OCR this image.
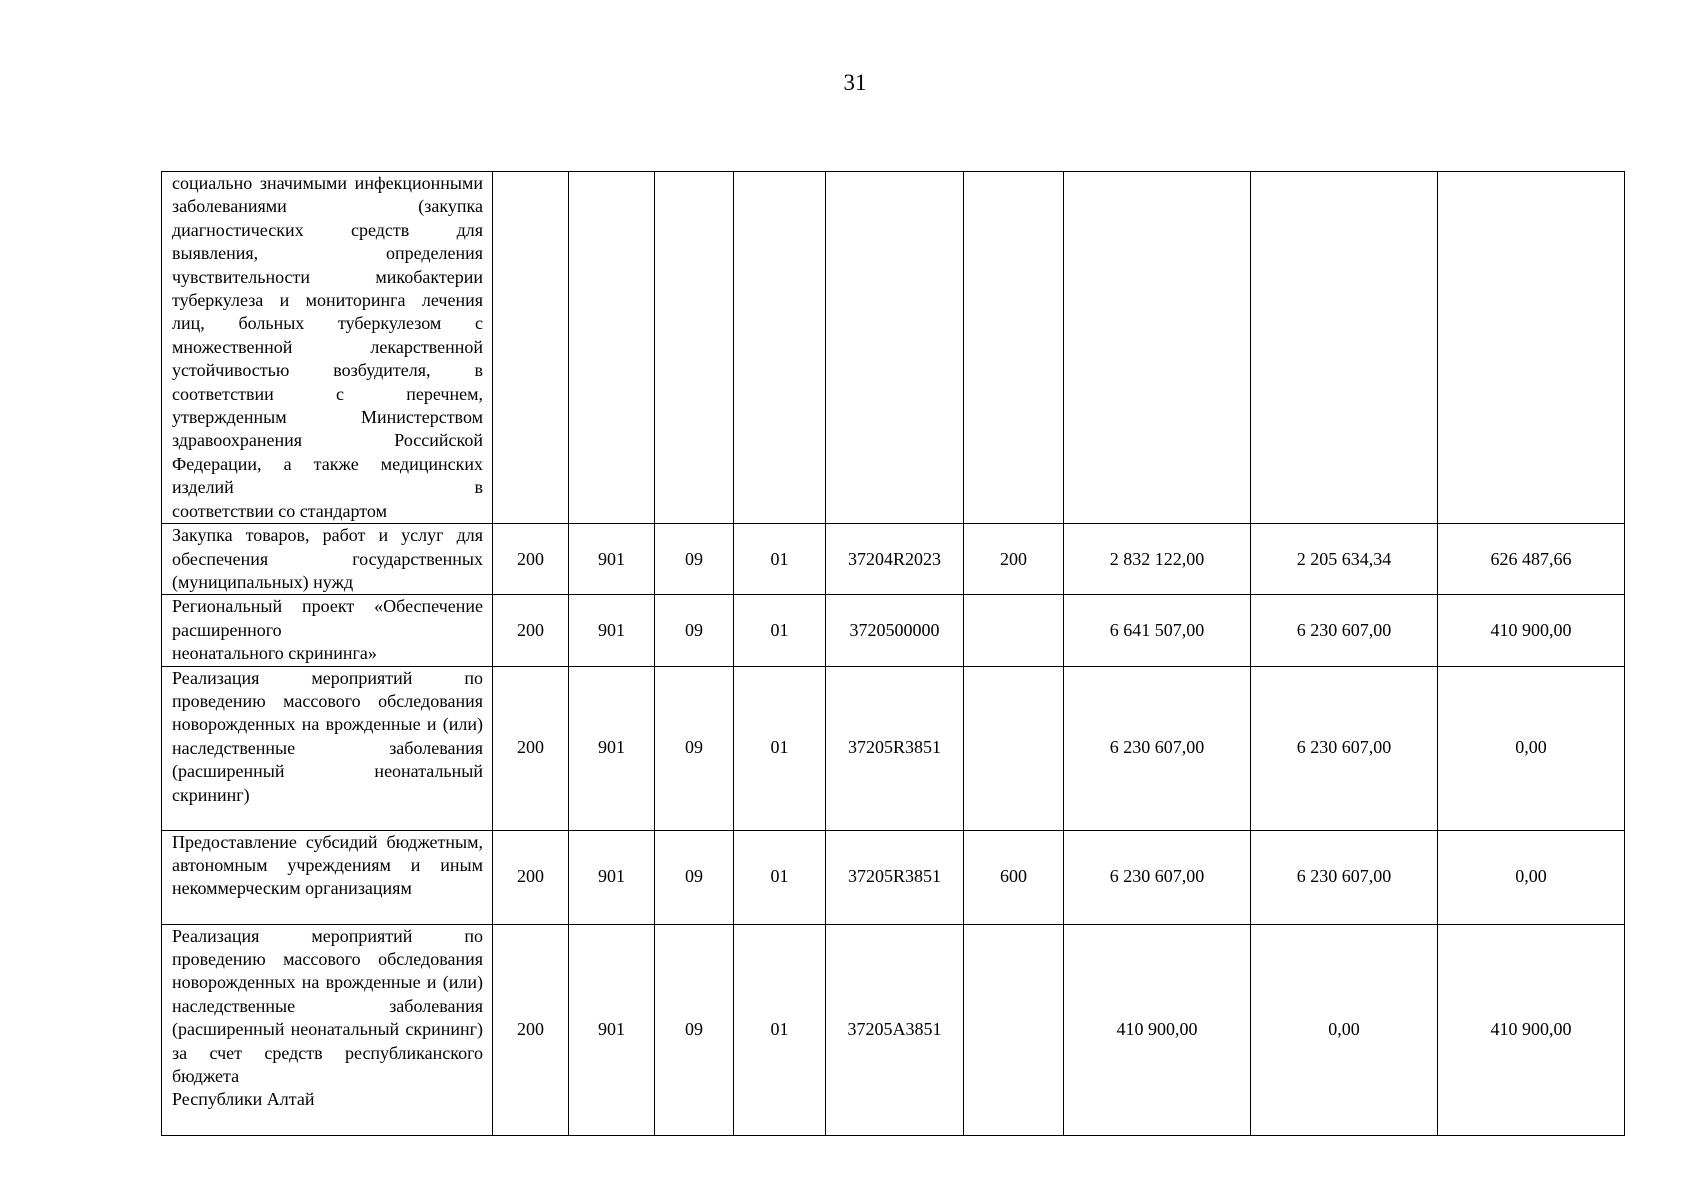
31
социально значимыми инфекционными заболеваниями (закупка диагностических средств для выявления, определения чувствительности микобактерии туберкулеза и мониторинга лечения лиц, больных туберкулезом с множественной лекарственной устойчивостью возбудителя, в соответствии с перечнем, утвержденным Министерством здравоохранения Российской Федерации, а также медицинских изделий в
соответствии со стандартом									

Закупка товаров, работ и услуг для обеспечения государственных
(муниципальных) нужд	200	901	09	01	37204R2023	200	2 832 122,00	2 205 634,34	626 487,66
Региональный проект «Обеспечение расширенного
неонатального скрининга»	200	901	09	01	3720500000		6 641 507,00	6 230 607,00	410 900,00
Реализация мероприятий по проведению массового обследования новорожденных на врожденные и (или) наследственные заболевания (расширенный неонатальный
скрининг)	200	901	09	01	37205R3851		6 230 607,00	6 230 607,00	0,00
Предоставление субсидий бюджетным, автономным учреждениям и иным
некоммерческим организациям	200	901	09	01	37205R3851	600	6 230 607,00	6 230 607,00	0,00
Реализация мероприятий по проведению массового обследования новорожденных на врожденные и (или) наследственные заболевания (расширенный неонатальный скрининг) за счет средств республиканского бюджета
Республики Алтай	200	901	09	01	37205A3851		410 900,00	0,00	410 900,00
